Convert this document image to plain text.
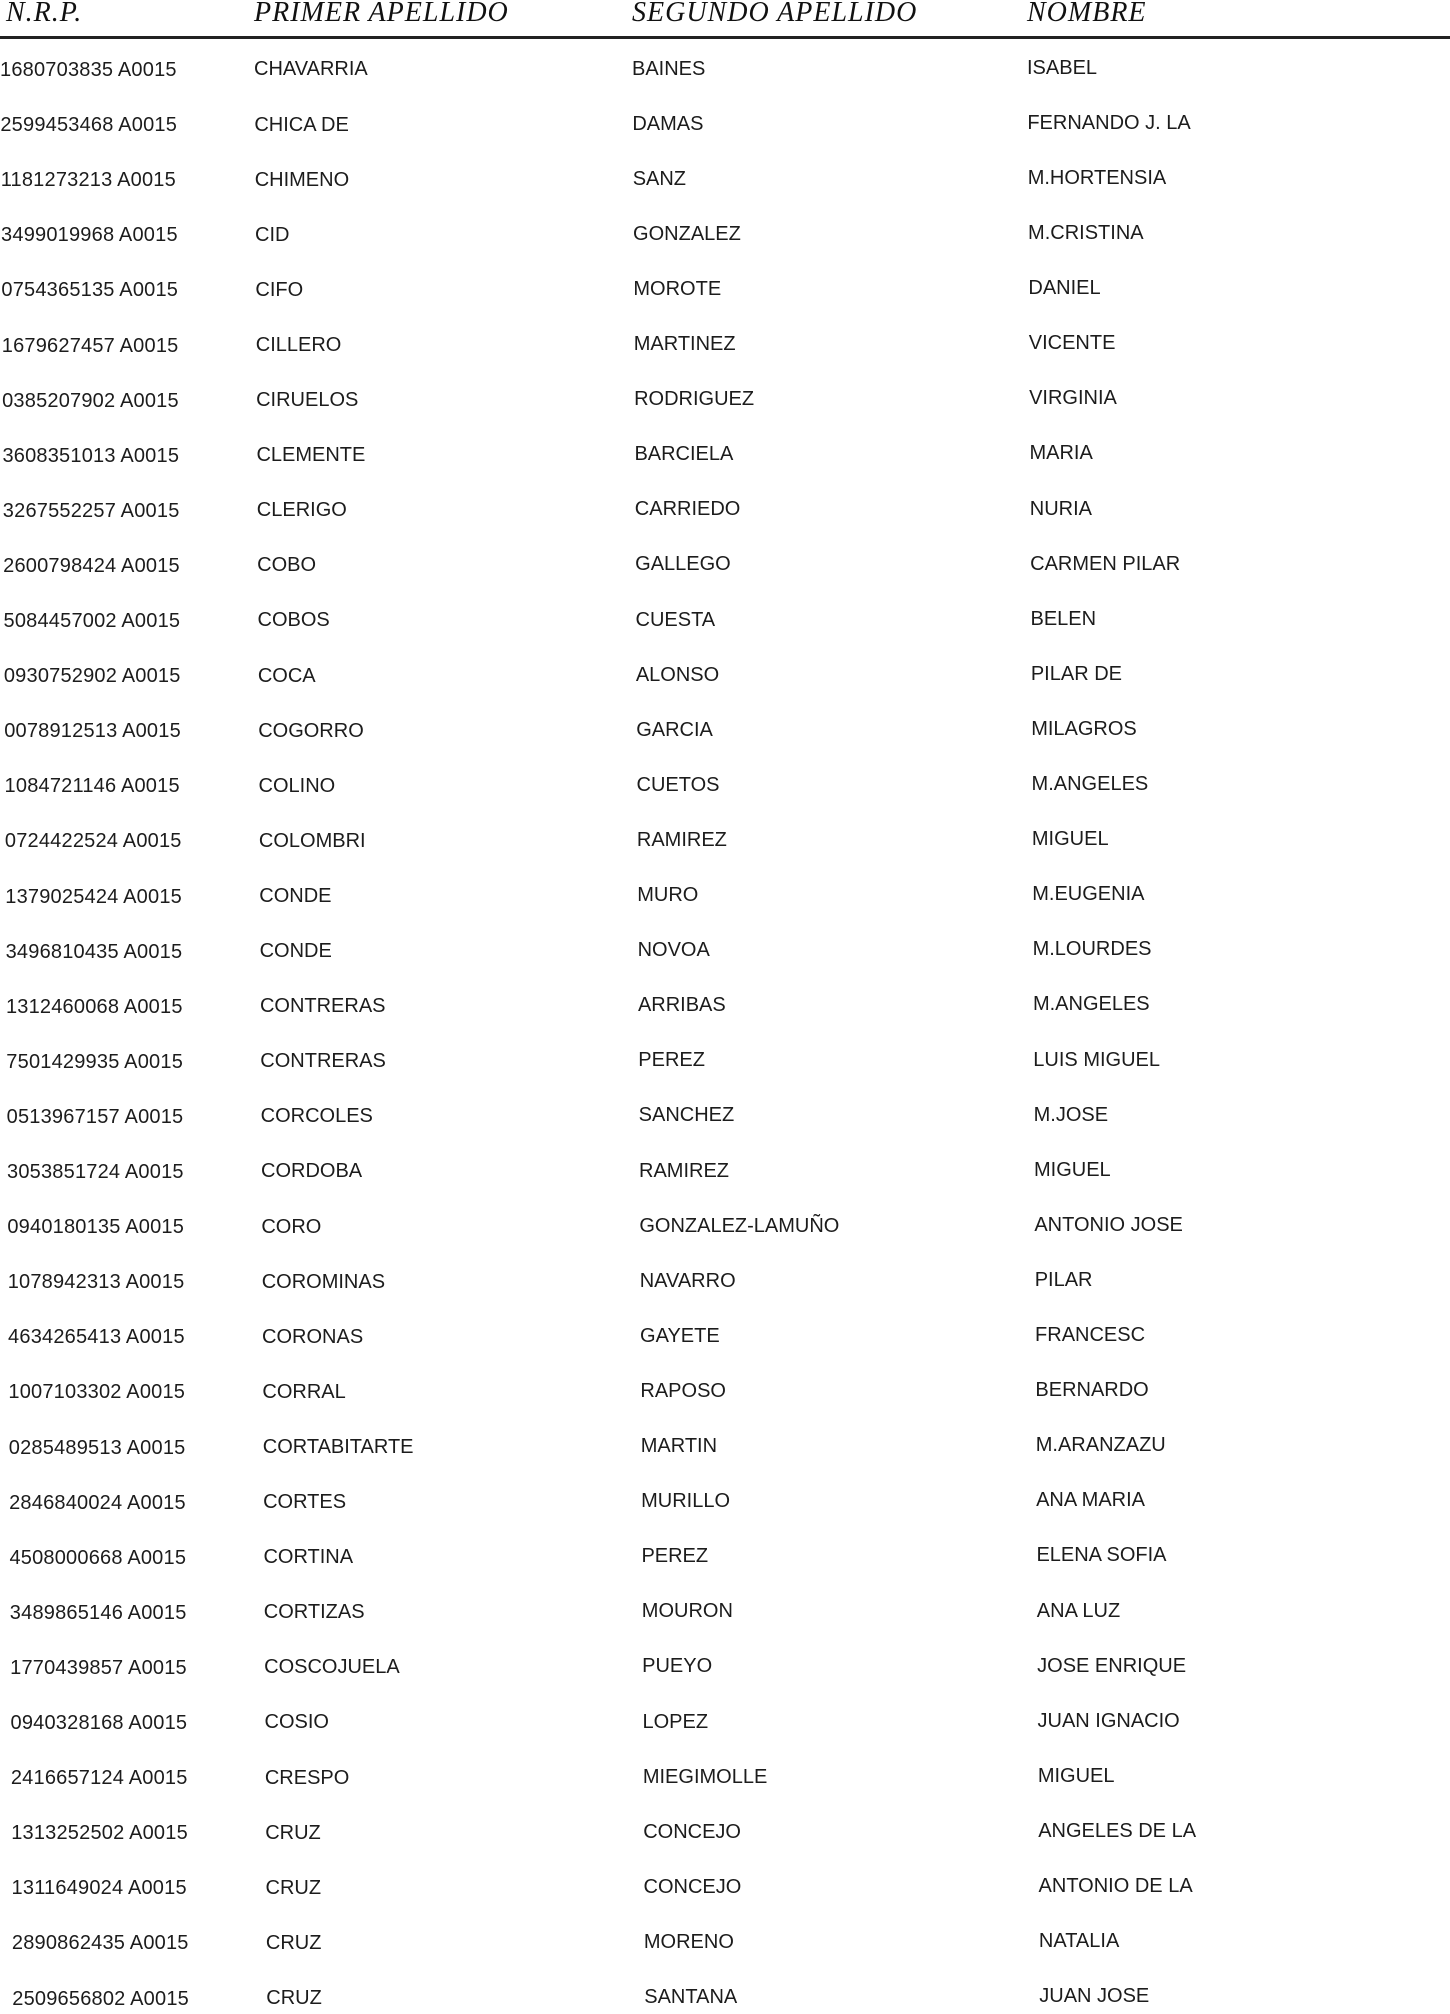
N.R.P.	PRIMER APELLIDO	SEGUNDO APELLIDO	NOMBRE
1680703835 A0015	CHAVARRIA	BAINES	ISABEL
2599453468 A0015	CHICA DE	DAMAS	FERNANDO J. LA
1181273213 A0015	CHIMENO	SANZ	M.HORTENSIA
3499019968 A0015	CID	GONZALEZ	M.CRISTINA
0754365135 A0015	CIFO	MOROTE	DANIEL
1679627457 A0015	CILLERO	MARTINEZ	VICENTE
0385207902 A0015	CIRUELOS	RODRIGUEZ	VIRGINIA
3608351013 A0015	CLEMENTE	BARCIELA	MARIA
3267552257 A0015	CLERIGO	CARRIEDO	NURIA
2600798424 A0015	COBO	GALLEGO	CARMEN PILAR
5084457002 A0015	COBOS	CUESTA	BELEN
0930752902 A0015	COCA	ALONSO	PILAR DE
0078912513 A0015	COGORRO	GARCIA	MILAGROS
1084721146 A0015	COLINO	CUETOS	M.ANGELES
0724422524 A0015	COLOMBRI	RAMIREZ	MIGUEL
1379025424 A0015	CONDE	MURO	M.EUGENIA
3496810435 A0015	CONDE	NOVOA	M.LOURDES
1312460068 A0015	CONTRERAS	ARRIBAS	M.ANGELES
7501429935 A0015	CONTRERAS	PEREZ	LUIS MIGUEL
0513967157 A0015	CORCOLES	SANCHEZ	M.JOSE
3053851724 A0015	CORDOBA	RAMIREZ	MIGUEL
0940180135 A0015	CORO	GONZALEZ-LAMUÑO	ANTONIO JOSE
1078942313 A0015	COROMINAS	NAVARRO	PILAR
4634265413 A0015	CORONAS	GAYETE	FRANCESC
1007103302 A0015	CORRAL	RAPOSO	BERNARDO
0285489513 A0015	CORTABITARTE	MARTIN	M.ARANZAZU
2846840024 A0015	CORTES	MURILLO	ANA MARIA
4508000668 A0015	CORTINA	PEREZ	ELENA SOFIA
3489865146 A0015	CORTIZAS	MOURON	ANA LUZ
1770439857 A0015	COSCOJUELA	PUEYO	JOSE ENRIQUE
0940328168 A0015	COSIO	LOPEZ	JUAN IGNACIO
2416657124 A0015	CRESPO	MIEGIMOLLE	MIGUEL
1313252502 A0015	CRUZ	CONCEJO	ANGELES DE LA
1311649024 A0015	CRUZ	CONCEJO	ANTONIO DE LA
2890862435 A0015	CRUZ	MORENO	NATALIA
2509656802 A0015	CRUZ	SANTANA	JUAN JOSE
